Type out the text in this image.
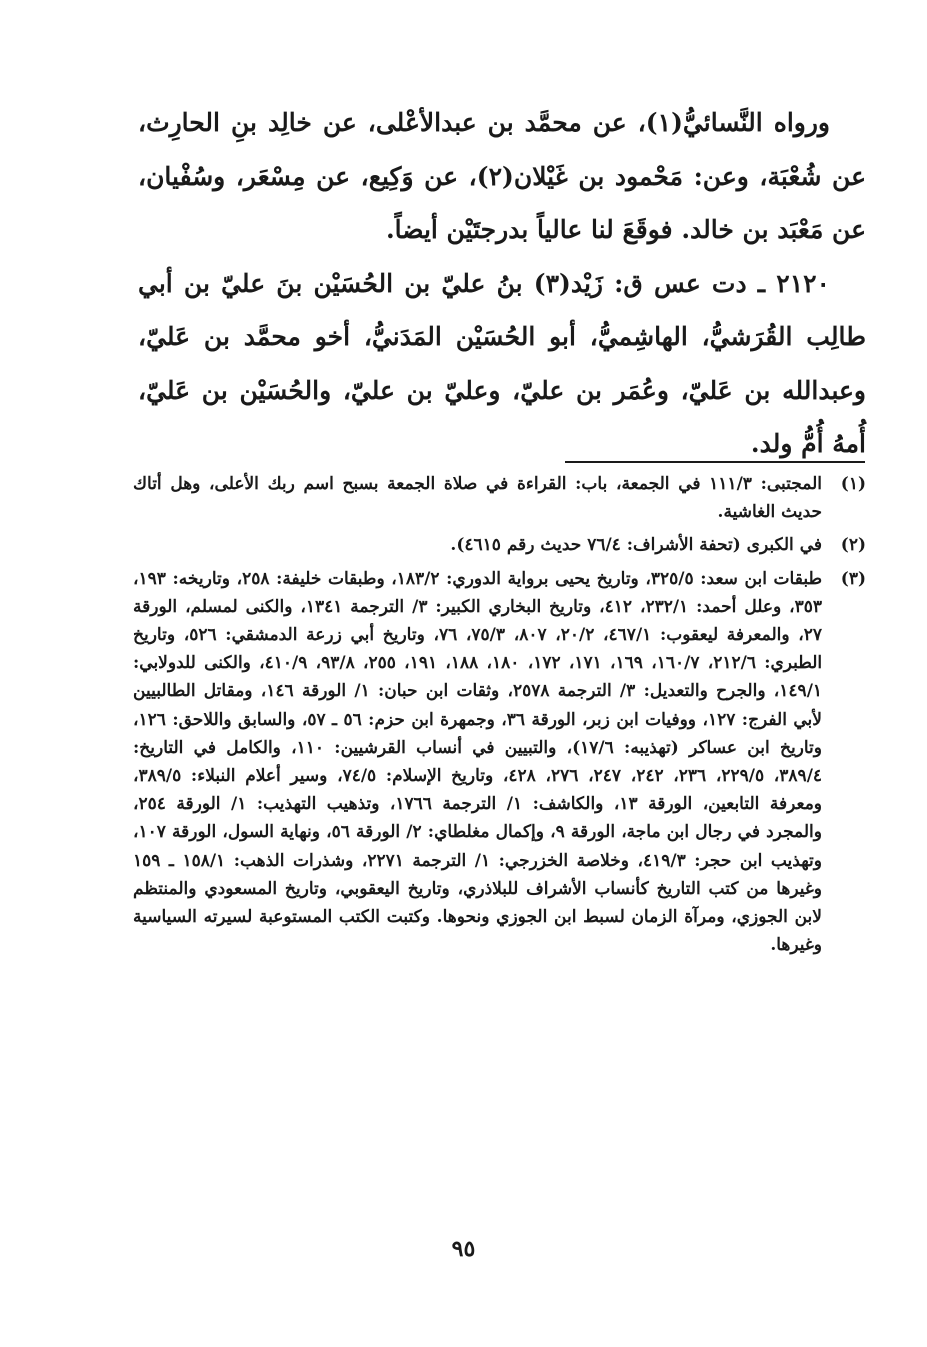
ورواه النَّسائيُّ(١)، عن محمَّد بن عبدالأعْلى، عن خالِد بنِ الحارِث، عن شُعْبَة، وعن: مَحْمود بن غَيْلان(٢)، عن وَكِيع، عن مِسْعَر، وسُفْيان، عن مَعْبَد بن خالد. فوقَعَ لنا عالياً بدرجتَيْن أيضاً.

٢١٢٠ ـ دت عس ق: زَيْد(٣) بنُ عليّ بن الحُسَيْن بنَ عليّ بن أبي طالِب القُرَشيُّ، الهاشِميُّ، أبو الحُسَيْن المَدَنيُّ، أخو محمَّد بن عَليّ، وعبدالله بن عَليّ، وعُمَر بن عليّ، وعليّ بن عليّ، والحُسَيْن بن عَليّ، أُمهُ أُمُّ ولد.

(١)
المجتبى: ١١١/٣ في الجمعة، باب: القراءة في صلاة الجمعة بسبح اسم ربك الأعلى، وهل أتاك حديث الغاشية.
(٢)
في الكبرى (تحفة الأشراف: ٧٦/٤ حديث رقم ٤٦١٥).
(٣)
طبقات ابن سعد: ٣٢٥/٥، وتاريخ يحيى برواية الدوري: ١٨٣/٢، وطبقات خليفة: ٢٥٨، وتاريخه: ١٩٣، ٣٥٣، وعلل أحمد: ٢٣٢/١، ٤١٢، وتاريخ البخاري الكبير: ٣/ الترجمة ١٣٤١، والكنى لمسلم، الورقة ٢٧، والمعرفة ليعقوب: ٤٦٧/١، ٢٠/٢، ٨٠٧، ٧٥/٣، ٧٦، وتاريخ أبي زرعة الدمشقي: ٥٢٦، وتاريخ الطبري: ٢١٢/٦، ١٦٠/٧، ١٦٩، ١٧١، ١٧٢، ١٨٠، ١٨٨، ١٩١، ٢٥٥، ٩٣/٨، ٤١٠/٩، والكنى للدولابي: ١٤٩/١، والجرح والتعديل: ٣/ الترجمة ٢٥٧٨، وثقات ابن حبان: ١/ الورقة ١٤٦، ومقاتل الطالبيين لأبي الفرج: ١٢٧، ووفيات ابن زبر، الورقة ٣٦، وجمهرة ابن حزم: ٥٦ ـ ٥٧، والسابق واللاحق: ١٢٦، وتاريخ ابن عساكر (تهذيبه: ١٧/٦)، والتبيين في أنساب القرشيين: ١١٠، والكامل في التاريخ: ٣٨٩/٤، ٢٢٩/٥، ٢٣٦، ٢٤٢، ٢٤٧، ٢٧٦، ٤٢٨، وتاريخ الإسلام: ٧٤/٥، وسير أعلام النبلاء: ٣٨٩/٥، ومعرفة التابعين، الورقة ١٣، والكاشف: ١/ الترجمة ١٧٦٦، وتذهيب التهذيب: ١/ الورقة ٢٥٤، والمجرد في رجال ابن ماجة، الورقة ٩، وإكمال مغلطاي: ٢/ الورقة ٥٦، ونهاية السول، الورقة ١٠٧، وتهذيب ابن حجر: ٤١٩/٣، وخلاصة الخزرجي: ١/ الترجمة ٢٢٧١، وشذرات الذهب: ١٥٨/١ ـ ١٥٩ وغيرها من كتب التاريخ كأنساب الأشراف للبلاذري، وتاريخ اليعقوبي، وتاريخ المسعودي والمنتظم لابن الجوزي، ومرآة الزمان لسبط ابن الجوزي ونحوها. وكتبت الكتب المستوعبة لسيرته السياسية وغيرها.
٩٥
